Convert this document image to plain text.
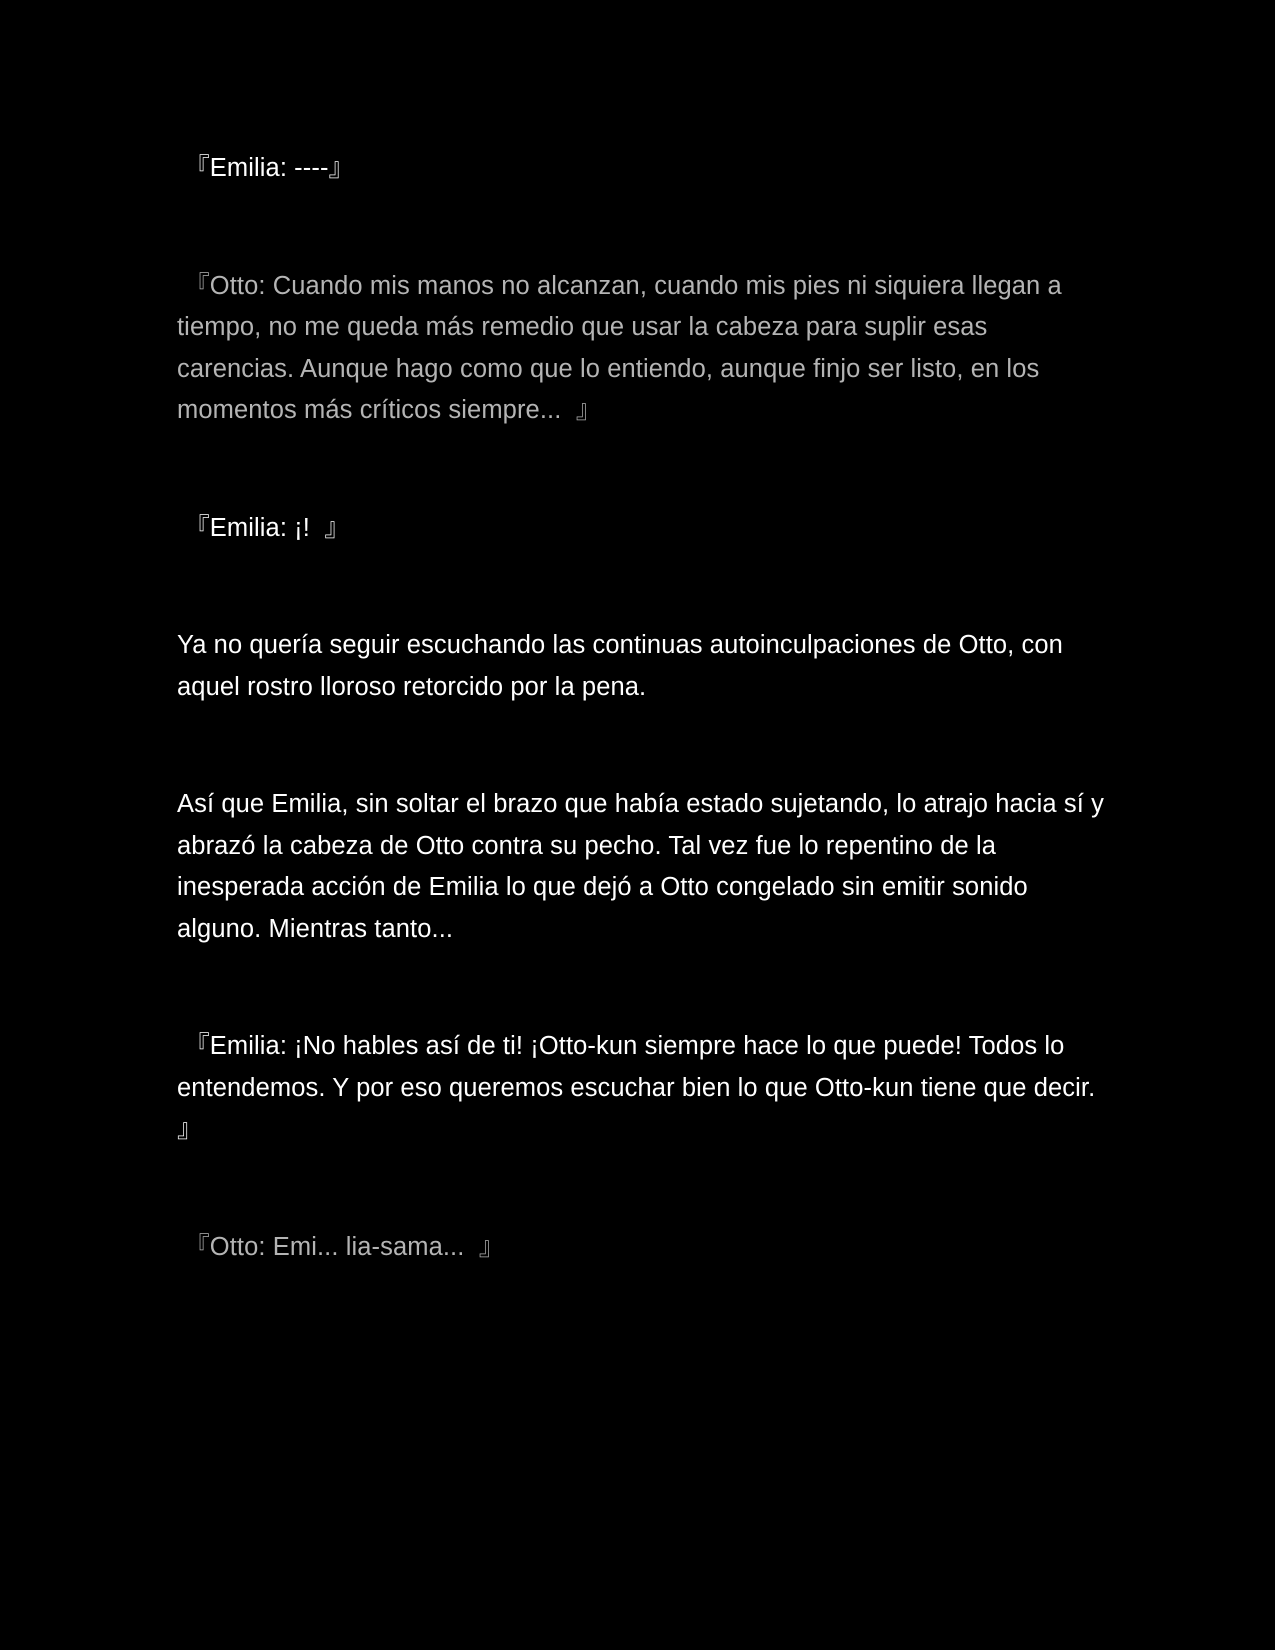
『Emilia: ----』

『Otto: Cuando mis manos no alcanzan, cuando mis pies ni siquiera llegan a tiempo, no me queda más remedio que usar la cabeza para suplir esas carencias. Aunque hago como que lo entiendo, aunque finjo ser listo, en los momentos más críticos siempre...  』

『Emilia: ¡!  』

Ya no quería seguir escuchando las continuas autoinculpaciones de Otto, con aquel rostro lloroso retorcido por la pena.

Así que Emilia, sin soltar el brazo que había estado sujetando, lo atrajo hacia sí y abrazó la cabeza de Otto contra su pecho. Tal vez fue lo repentino de la inesperada acción de Emilia lo que dejó a Otto congelado sin emitir sonido alguno. Mientras tanto...

『Emilia: ¡No hables así de ti! ¡Otto-kun siempre hace lo que puede! Todos lo entendemos. Y por eso queremos escuchar bien lo que Otto-kun tiene que decir.  』

『Otto: Emi... lia-sama...  』
